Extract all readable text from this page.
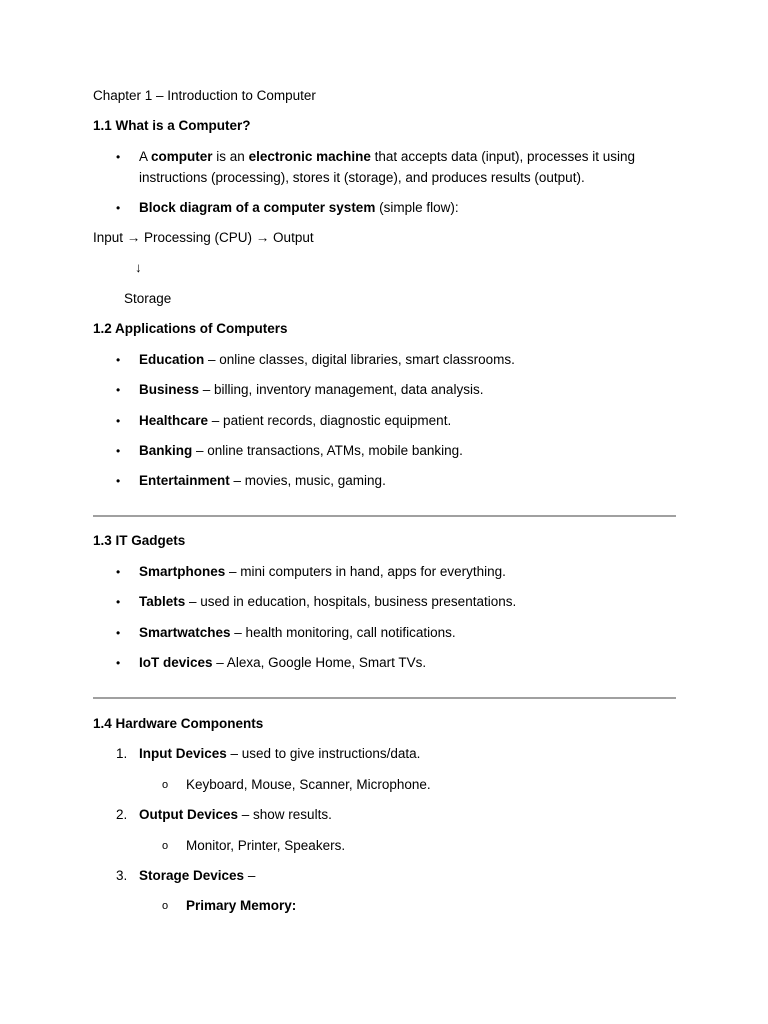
Chapter 1 – Introduction to Computer
1.1 What is a Computer?
• A computer is an electronic machine that accepts data (input), processes it using
instructions (processing), stores it (storage), and produces results (output).
• Block diagram of a computer system (simple flow):
Input → Processing (CPU) → Output
↓
Storage
1.2 Applications of Computers
• Education – online classes, digital libraries, smart classrooms.
• Business – billing, inventory management, data analysis.
• Healthcare – patient records, diagnostic equipment.
• Banking – online transactions, ATMs, mobile banking.
• Entertainment – movies, music, gaming.
1.3 IT Gadgets
• Smartphones – mini computers in hand, apps for everything.
• Tablets – used in education, hospitals, business presentations.
• Smartwatches – health monitoring, call notifications.
• IoT devices – Alexa, Google Home, Smart TVs.
1.4 Hardware Components
1. Input Devices – used to give instructions/data.
o Keyboard, Mouse, Scanner, Microphone.
2. Output Devices – show results.
o Monitor, Printer, Speakers.
3. Storage Devices –
o Primary Memory:
